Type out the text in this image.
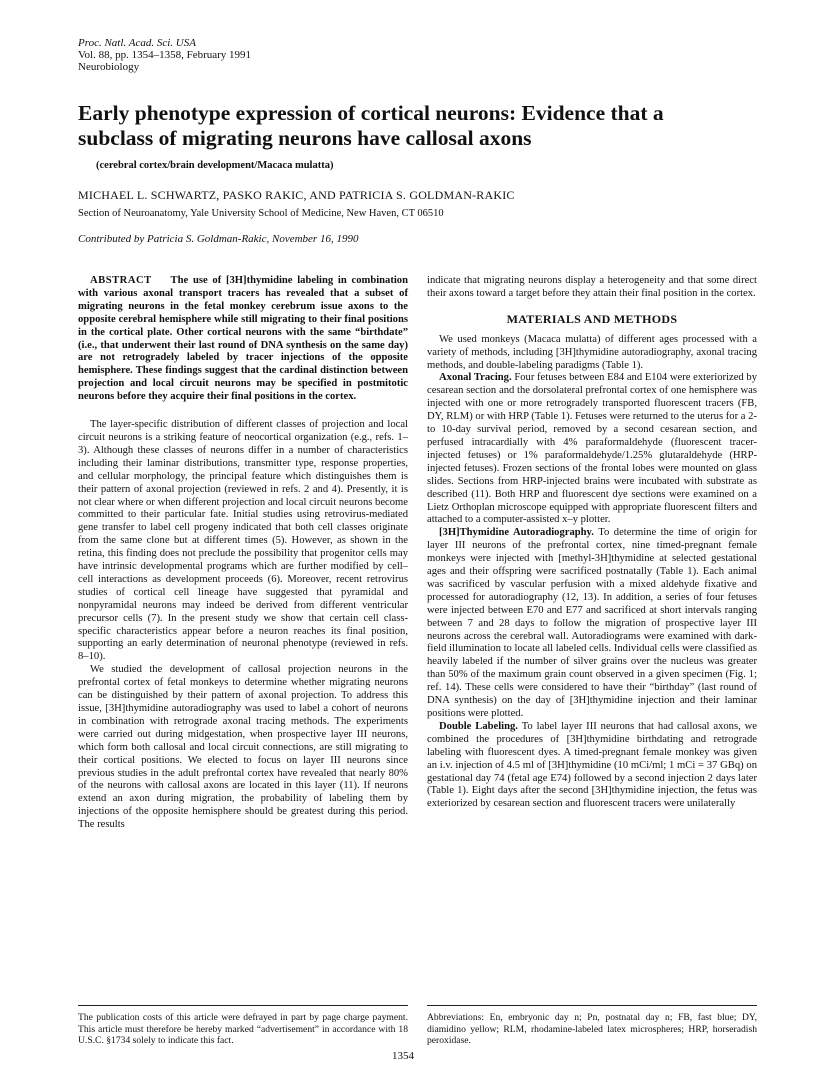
Proc. Natl. Acad. Sci. USA
Vol. 88, pp. 1354–1358, February 1991
Neurobiology
Early phenotype expression of cortical neurons: Evidence that a subclass of migrating neurons have callosal axons
(cerebral cortex/brain development/Macaca mulatta)
MICHAEL L. SCHWARTZ, PASKO RAKIC, AND PATRICIA S. GOLDMAN-RAKIC
Section of Neuroanatomy, Yale University School of Medicine, New Haven, CT 06510
Contributed by Patricia S. Goldman-Rakic, November 16, 1990

ABSTRACT The use of [3H]thymidine labeling in combination with various axonal transport tracers has revealed that a subset of migrating neurons in the fetal monkey cerebrum issue axons to the opposite cerebral hemisphere while still migrating to their final positions in the cortical plate. Other cortical neurons with the same “birthdate” (i.e., that underwent their last round of DNA synthesis on the same day) are not retrogradely labeled by tracer injections of the opposite hemisphere. These findings suggest that the cardinal distinction between projection and local circuit neurons may be specified in postmitotic neurons before they acquire their final positions in the cortex.

The layer-specific distribution of different classes of projection and local circuit neurons is a striking feature of neocortical organization (e.g., refs. 1–3). Although these classes of neurons differ in a number of characteristics including their laminar distributions, transmitter type, response properties, and cellular morphology, the principal feature which distinguishes them is their pattern of axonal projection (reviewed in refs. 2 and 4). Presently, it is not clear where or when different projection and local circuit neurons become committed to their particular fate. Initial studies using retrovirus-mediated gene transfer to label cell progeny indicated that both cell classes originate from the same clone but at different times (5). However, as shown in the retina, this finding does not preclude the possibility that progenitor cells may have intrinsic developmental programs which are further modified by cell–cell interactions as development proceeds (6). Moreover, recent retrovirus studies of cortical cell lineage have suggested that pyramidal and nonpyramidal neurons may indeed be derived from different ventricular precursor cells (7). In the present study we show that certain cell class-specific characteristics appear before a neuron reaches its final position, supporting an early determination of neuronal phenotype (reviewed in refs. 8–10).

We studied the development of callosal projection neurons in the prefrontal cortex of fetal monkeys to determine whether migrating neurons can be distinguished by their pattern of axonal projection. To address this issue, [3H]thymidine autoradiography was used to label a cohort of neurons in combination with retrograde axonal tracing methods. The experiments were carried out during midgestation, when prospective layer III neurons, which form both callosal and local circuit connections, are still migrating to their cortical positions. We elected to focus on layer III neurons since previous studies in the adult prefrontal cortex have revealed that nearly 80% of the neurons with callosal axons are located in this layer (11). If neurons extend an axon during migration, the probability of labeling them by injections of the opposite hemisphere should be greatest during this period. The results

indicate that migrating neurons display a heterogeneity and that some direct their axons toward a target before they attain their final position in the cortex.

MATERIALS AND METHODS

We used monkeys (Macaca mulatta) of different ages processed with a variety of methods, including [3H]thymidine autoradiography, axonal tracing methods, and double-labeling paradigms (Table 1).

Axonal Tracing. Four fetuses between E84 and E104 were exteriorized by cesarean section and the dorsolateral prefrontal cortex of one hemisphere was injected with one or more retrogradely transported fluorescent tracers (FB, DY, RLM) or with HRP (Table 1). Fetuses were returned to the uterus for a 2- to 10-day survival period, removed by a second cesarean section, and perfused intracardially with 4% paraformaldehyde (fluorescent tracer-injected fetuses) or 1% paraformaldehyde/1.25% glutaraldehyde (HRP-injected fetuses). Frozen sections of the frontal lobes were mounted on glass slides. Sections from HRP-injected brains were incubated with substrate as described (11). Both HRP and fluorescent dye sections were examined on a Lietz Orthoplan microscope equipped with appropriate fluorescent filters and attached to a computer-assisted x–y plotter.

[3H]Thymidine Autoradiography. To determine the time of origin for layer III neurons of the prefrontal cortex, nine timed-pregnant female monkeys were injected with [methyl-3H]thymidine at selected gestational ages and their offspring were sacrificed postnatally (Table 1). Each animal was sacrificed by vascular perfusion with a mixed aldehyde fixative and processed for autoradiography (12, 13). In addition, a series of four fetuses were injected between E70 and E77 and sacrificed at short intervals ranging between 7 and 28 days to follow the migration of prospective layer III neurons across the cerebral wall. Autoradiograms were examined with dark-field illumination to locate all labeled cells. Individual cells were classified as heavily labeled if the number of silver grains over the nucleus was greater than 50% of the maximum grain count observed in a given specimen (Fig. 1; ref. 14). These cells were considered to have their “birthday” (last round of DNA synthesis) on the day of [3H]thymidine injection and their laminar positions were plotted.

Double Labeling. To label layer III neurons that had callosal axons, we combined the procedures of [3H]thymidine birthdating and retrograde labeling with fluorescent dyes. A timed-pregnant female monkey was given an i.v. injection of 4.5 ml of [3H]thymidine (10 mCi/ml; 1 mCi = 37 GBq) on gestational day 74 (fetal age E74) followed by a second injection 2 days later (Table 1). Eight days after the second [3H]thymidine injection, the fetus was exteriorized by cesarean section and fluorescent tracers were unilaterally

The publication costs of this article were defrayed in part by page charge payment. This article must therefore be hereby marked “advertisement” in accordance with 18 U.S.C. §1734 solely to indicate this fact.
Abbreviations: En, embryonic day n; Pn, postnatal day n; FB, fast blue; DY, diamidino yellow; RLM, rhodamine-labeled latex microspheres; HRP, horseradish peroxidase.
1354
